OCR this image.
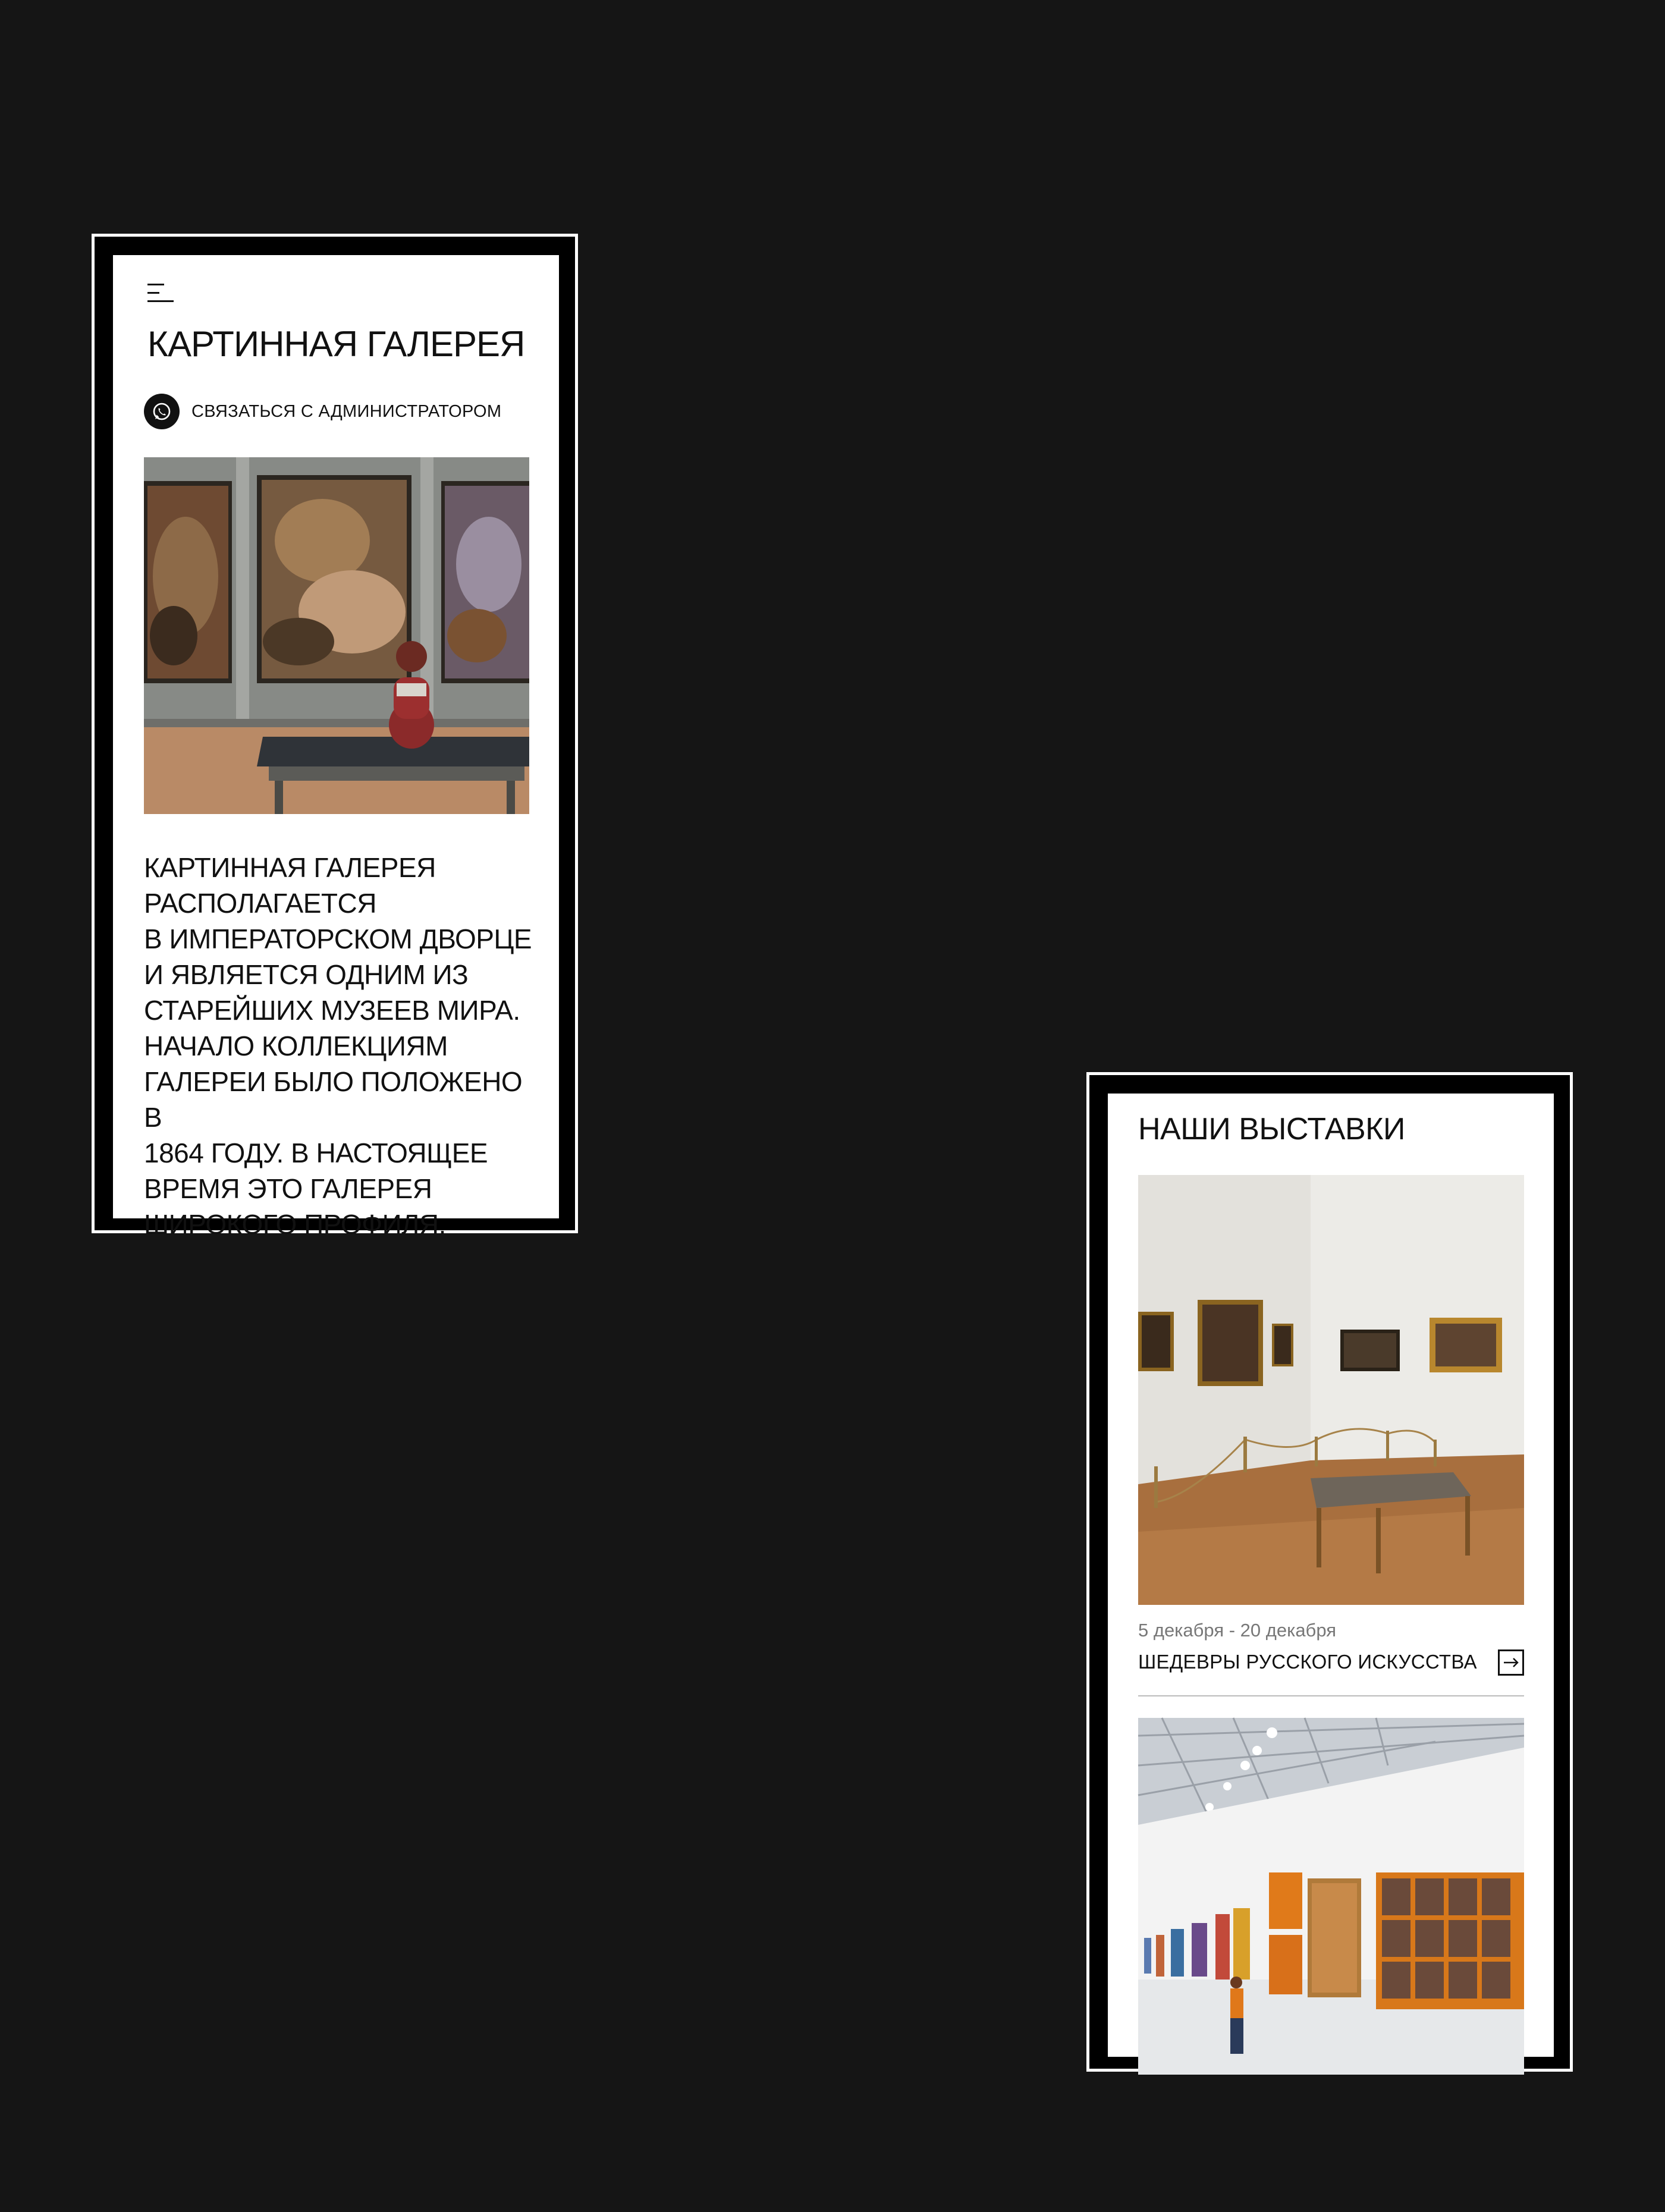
КАРТИННАЯ ГАЛЕРЕЯ
СВЯЗАТЬСЯ С АДМИНИСТРАТОРОМ

КАРТИННАЯ ГАЛЕРЕЯ
РАСПОЛАГАЕТСЯ
В ИМПЕРАТОРСКОМ ДВОРЦЕ
И ЯВЛЯЕТСЯ ОДНИМ ИЗ
СТАРЕЙШИХ МУЗЕЕВ МИРА.
НАЧАЛО КОЛЛЕКЦИЯМ
ГАЛЕРЕИ БЫЛО ПОЛОЖЕНО В
1864 ГОДУ. В НАСТОЯЩЕЕ
ВРЕМЯ ЭТО ГАЛЕРЕЯ
ШИРОКОГО ПРОФИЛЯ.

НАШИ ВЫСТАВКИ
5 декабря - 20 декабря
ШЕДЕВРЫ РУССКОГО ИСКУССТВА
